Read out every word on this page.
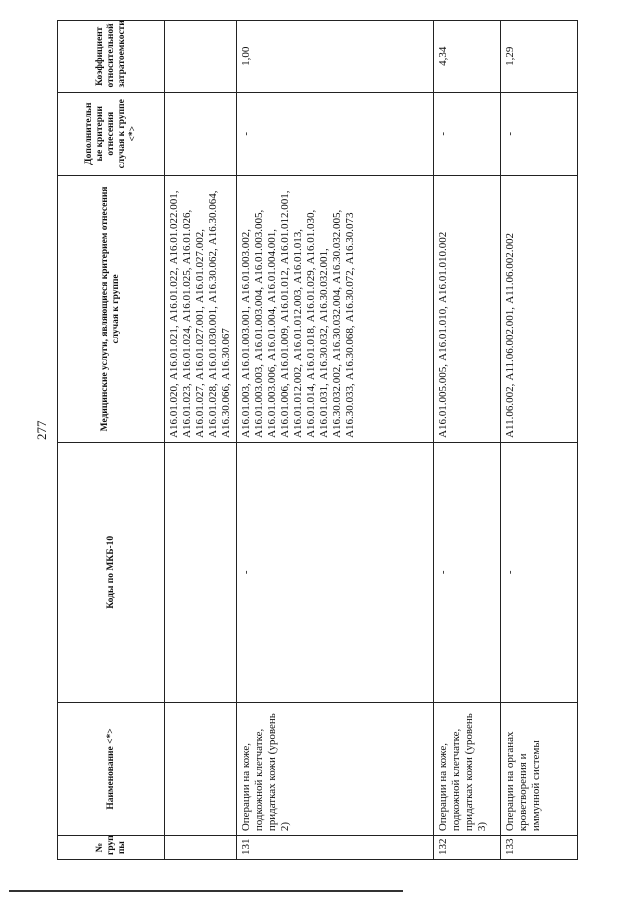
277
№ груп пы	Наименование <*>	Коды по МКБ-10	Медицинские услуги, являющиеся критерием отнесения случая к группе	Дополнительн ые критерии отнесения случая к группе <*>	Коэффициент относительной затратоемкости
			A16.01.020, A16.01.021, A16.01.022, A16.01.022.001, A16.01.023, A16.01.024, A16.01.025, A16.01.026, A16.01.027, A16.01.027.001, A16.01.027.002, A16.01.028, A16.01.030.001, A16.30.062, A16.30.064, A16.30.066, A16.30.067		
131	Операции на коже, подкожной клетчатке, придатках кожи (уровень 2)	-	A16.01.003, A16.01.003.001, A16.01.003.002, A16.01.003.003, A16.01.003.004, A16.01.003.005, A16.01.003.006, A16.01.004, A16.01.004.001, A16.01.006, A16.01.009, A16.01.012, A16.01.012.001, A16.01.012.002, A16.01.012.003, A16.01.013, A16.01.014, A16.01.018, A16.01.029, A16.01.030, A16.01.031, A16.30.032, A16.30.032.001, A16.30.032.002, A16.30.032.004, A16.30.032.005, A16.30.033, A16.30.068, A16.30.072, A16.30.073	-	1,00
132	Операции на коже, подкожной клетчатке, придатках кожи (уровень 3)	-	A16.01.005.005, A16.01.010, A16.01.010.002	-	4,34
133	Операции на органах кроветворения и иммунной системы	-	A11.06.002, A11.06.002.001, A11.06.002.002	-	1,29
